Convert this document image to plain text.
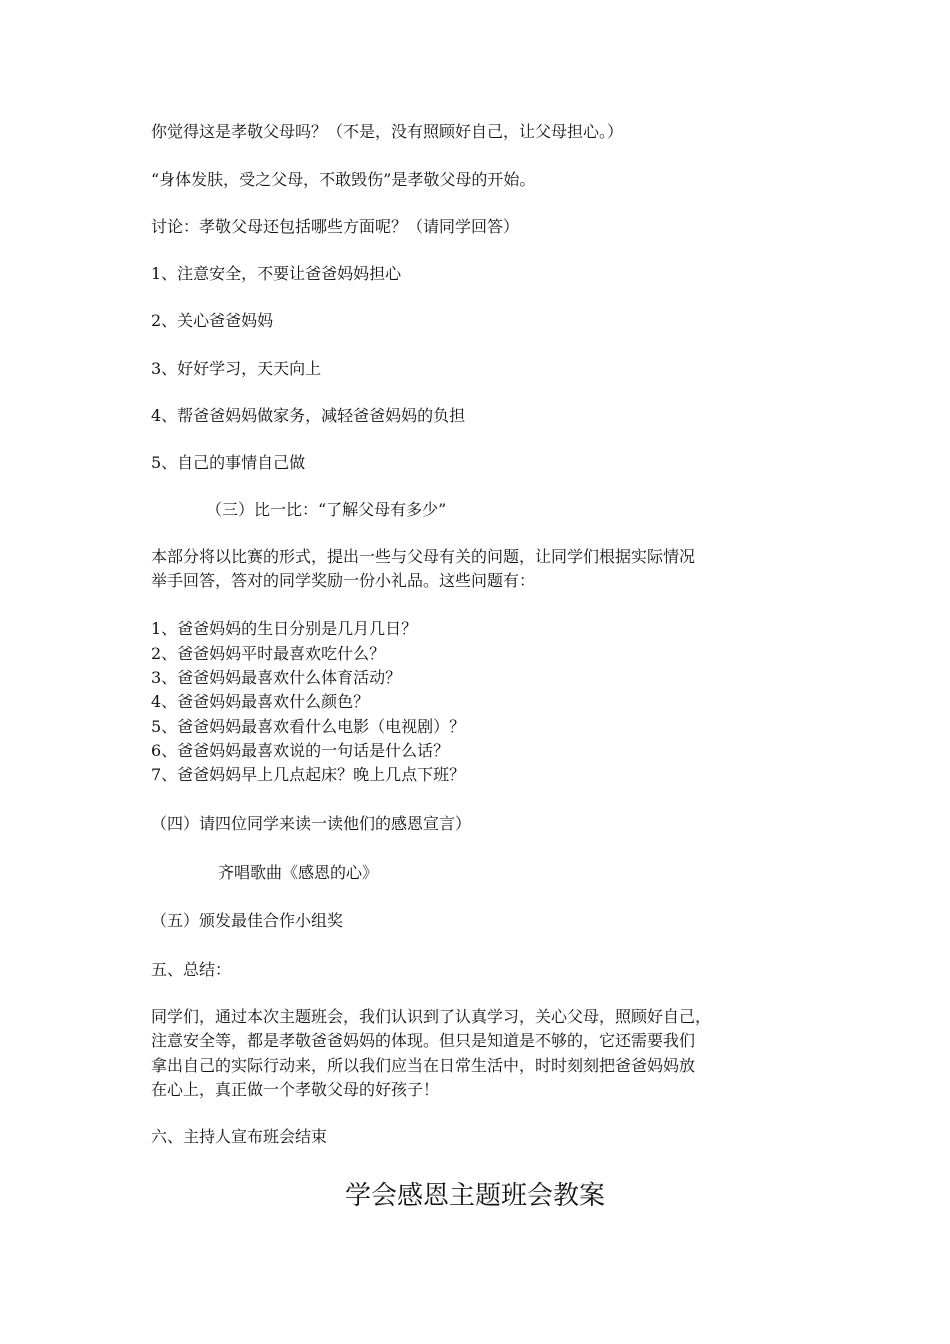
你觉得这是孝敬父母吗？（不是，没有照顾好自己，让父母担心。）
“身体发肤，受之父母，不敢毁伤”是孝敬父母的开始。
讨论：孝敬父母还包括哪些方面呢？（请同学回答）
1、注意安全，不要让爸爸妈妈担心
2、关心爸爸妈妈
3、好好学习，天天向上
4、帮爸爸妈妈做家务，减轻爸爸妈妈的负担
5、自己的事情自己做
（三）比一比：“了解父母有多少”
本部分将以比赛的形式，提出一些与父母有关的问题，让同学们根据实际情况
举手回答，答对的同学奖励一份小礼品。这些问题有：
1、爸爸妈妈的生日分别是几月几日？
2、爸爸妈妈平时最喜欢吃什么？
3、爸爸妈妈最喜欢什么体育活动？
4、爸爸妈妈最喜欢什么颜色？
5、爸爸妈妈最喜欢看什么电影（电视剧）？
6、爸爸妈妈最喜欢说的一句话是什么话？
7、爸爸妈妈早上几点起床？晚上几点下班？
（四）请四位同学来读一读他们的感恩宣言）
齐唱歌曲《感恩的心》
（五）颁发最佳合作小组奖
五、总结：
同学们，通过本次主题班会，我们认识到了认真学习，关心父母，照顾好自己，
注意安全等，都是孝敬爸爸妈妈的体现。但只是知道是不够的，它还需要我们
拿出自己的实际行动来，所以我们应当在日常生活中，时时刻刻把爸爸妈妈放
在心上，真正做一个孝敬父母的好孩子！
六、主持人宣布班会结束
学会感恩主题班会教案
